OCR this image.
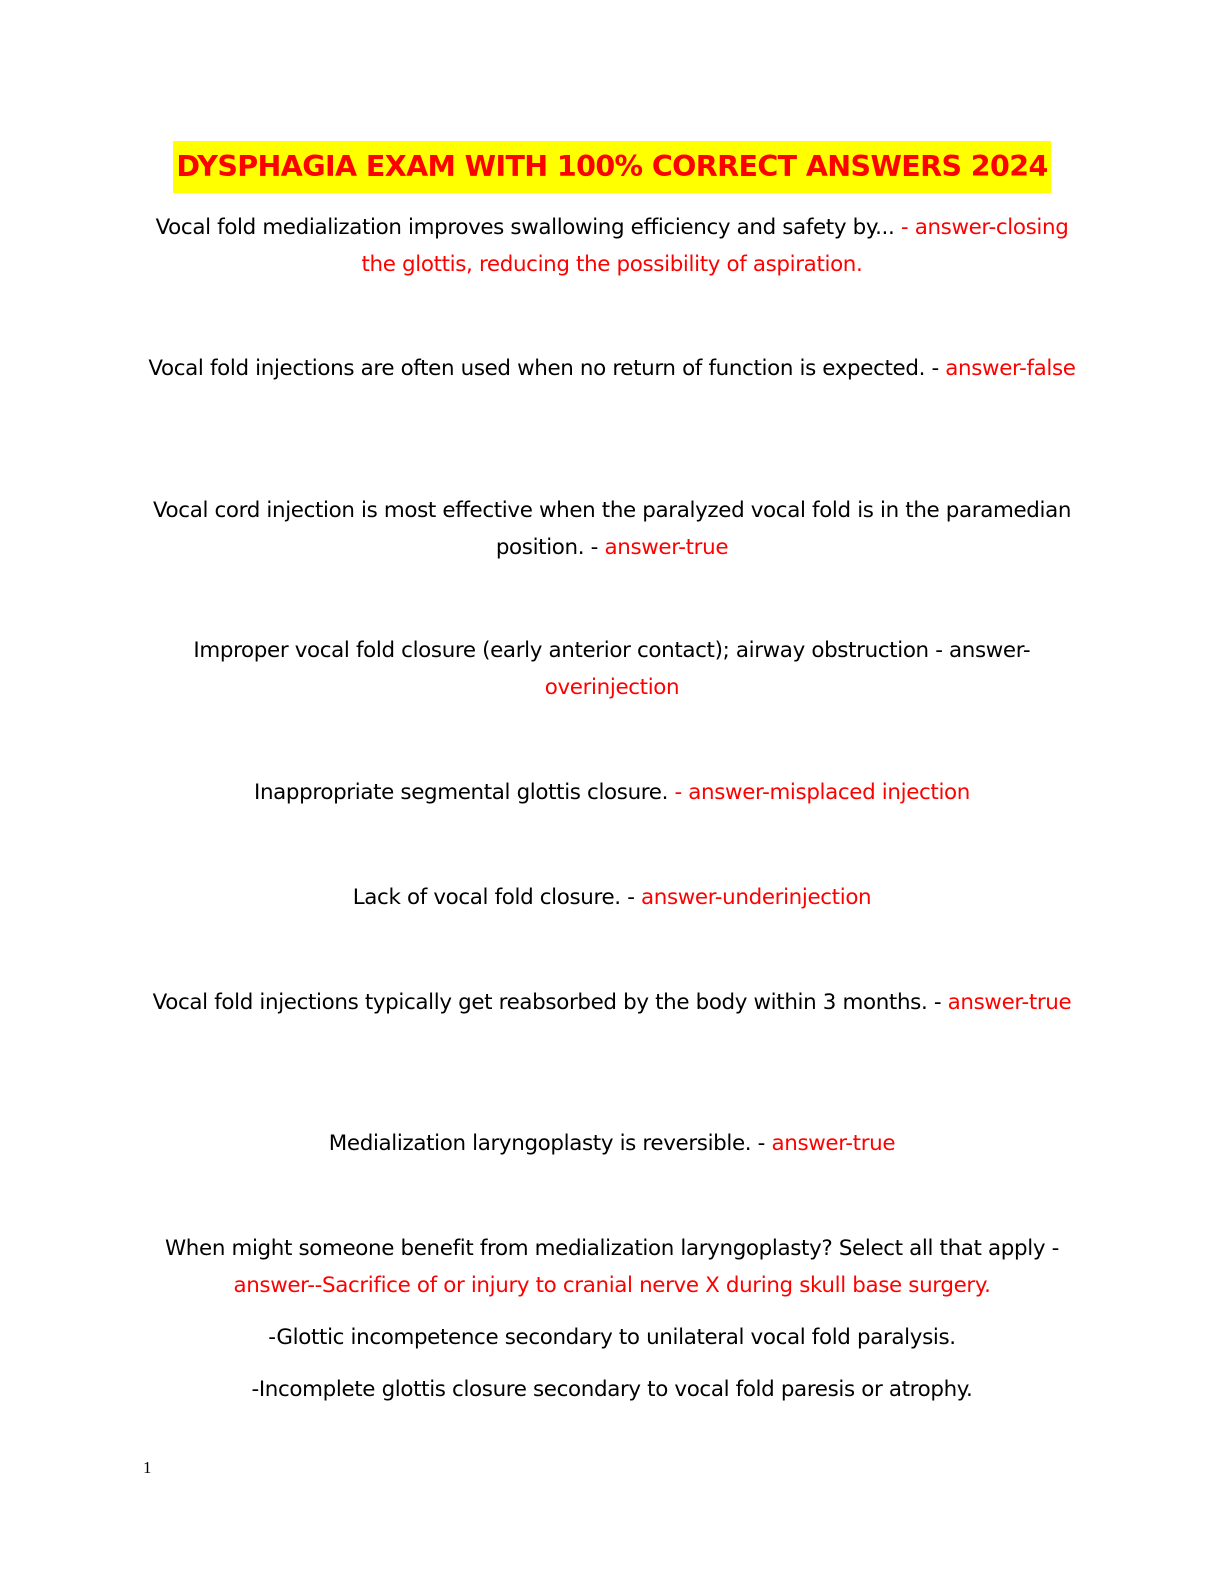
DYSPHAGIA EXAM WITH 100% CORRECT ANSWERS 2024

Vocal fold medialization improves swallowing efficiency and safety by... - answer-closing the glottis, reducing the possibility of aspiration.

Vocal fold injections are often used when no return of function is expected. - answer-false

Vocal cord injection is most effective when the paralyzed vocal fold is in the paramedian position. - answer-true

Improper vocal fold closure (early anterior contact); airway obstruction - answer-overinjection

Inappropriate segmental glottis closure. - answer-misplaced injection

Lack of vocal fold closure. - answer-underinjection

Vocal fold injections typically get reabsorbed by the body within 3 months. - answer-true

Medialization laryngoplasty is reversible. - answer-true

When might someone benefit from medialization laryngoplasty? Select all that apply - answer--Sacrifice of or injury to cranial nerve X during skull base surgery.

-Glottic incompetence secondary to unilateral vocal fold paralysis.

-Incomplete glottis closure secondary to vocal fold paresis or atrophy.

1
